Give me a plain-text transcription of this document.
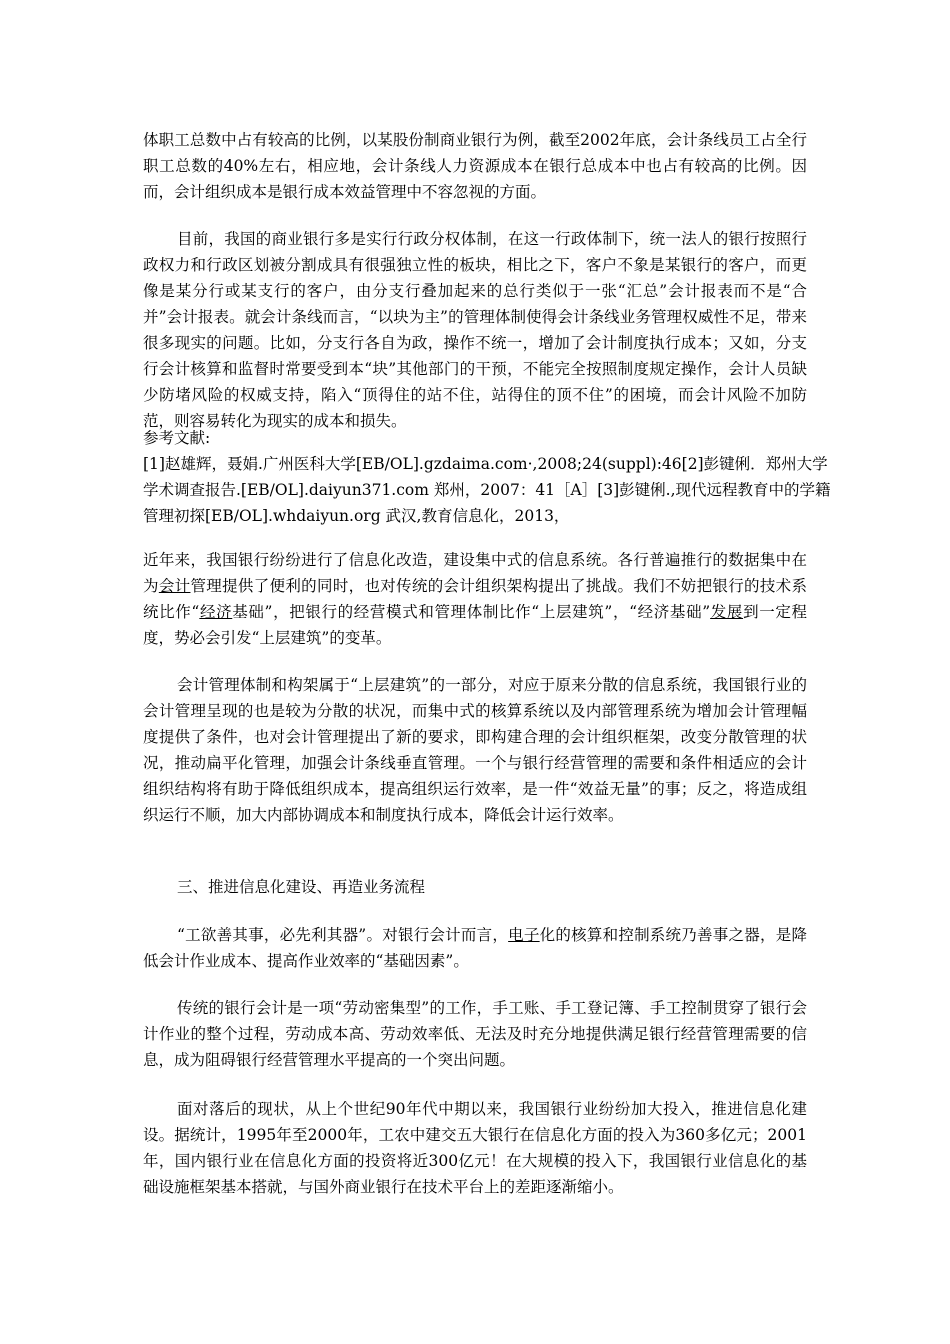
体职工总数中占有较高的比例，以某股份制商业银行为例，截至2002年底，会计条线员工占全行职工总数的40%左右，相应地，会计条线人力资源成本在银行总成本中也占有较高的比例。因而，会计组织成本是银行成本效益管理中不容忽视的方面。

目前，我国的商业银行多是实行行政分权体制，在这一行政体制下，统一法人的银行按照行政权力和行政区划被分割成具有很强独立性的板块，相比之下，客户不象是某银行的客户，而更像是某分行或某支行的客户，由分支行叠加起来的总行类似于一张“汇总”会计报表而不是“合并”会计报表。就会计条线而言，“以块为主”的管理体制使得会计条线业务管理权威性不足，带来很多现实的问题。比如，分支行各自为政，操作不统一，增加了会计制度执行成本；又如，分支行会计核算和监督时常要受到本“块”其他部门的干预，不能完全按照制度规定操作，会计人员缺少防堵风险的权威支持，陷入“顶得住的站不住，站得住的顶不住”的困境，而会计风险不加防范，则容易转化为现实的成本和损失。

参考文献:
[1]赵雄辉，聂娟.广州医科大学[EB/OL].gzdaima.com·,2008;24(suppl):46[2]彭键俐．郑州大学
学术调查报告.[EB/OL].daiyun371.com 郑州，2007：41［A］[3]彭键俐.,现代远程教育中的学籍
管理初探[EB/OL].whdaiyun.org 武汉,教育信息化，2013，

近年来，我国银行纷纷进行了信息化改造，建设集中式的信息系统。各行普遍推行的数据集中在为会计管理提供了便利的同时，也对传统的会计组织架构提出了挑战。我们不妨把银行的技术系统比作“经济基础”，把银行的经营模式和管理体制比作“上层建筑”，“经济基础”发展到一定程度，势必会引发“上层建筑”的变革。

会计管理体制和构架属于“上层建筑”的一部分，对应于原来分散的信息系统，我国银行业的会计管理呈现的也是较为分散的状况，而集中式的核算系统以及内部管理系统为增加会计管理幅度提供了条件，也对会计管理提出了新的要求，即构建合理的会计组织框架，改变分散管理的状况，推动扁平化管理，加强会计条线垂直管理。一个与银行经营管理的需要和条件相适应的会计组织结构将有助于降低组织成本，提高组织运行效率，是一件“效益无量”的事；反之，将造成组织运行不顺，加大内部协调成本和制度执行成本，降低会计运行效率。

三、推进信息化建设、再造业务流程

“工欲善其事，必先利其器”。对银行会计而言，电子化的核算和控制系统乃善事之器，是降低会计作业成本、提高作业效率的“基础因素”。

传统的银行会计是一项“劳动密集型”的工作，手工账、手工登记簿、手工控制贯穿了银行会计作业的整个过程，劳动成本高、劳动效率低、无法及时充分地提供满足银行经营管理需要的信息，成为阻碍银行经营管理水平提高的一个突出问题。

面对落后的现状，从上个世纪90年代中期以来，我国银行业纷纷加大投入，推进信息化建设。据统计，1995年至2000年，工农中建交五大银行在信息化方面的投入为360多亿元；2001年，国内银行业在信息化方面的投资将近300亿元！在大规模的投入下，我国银行业信息化的基础设施框架基本搭就，与国外商业银行在技术平台上的差距逐渐缩小。
